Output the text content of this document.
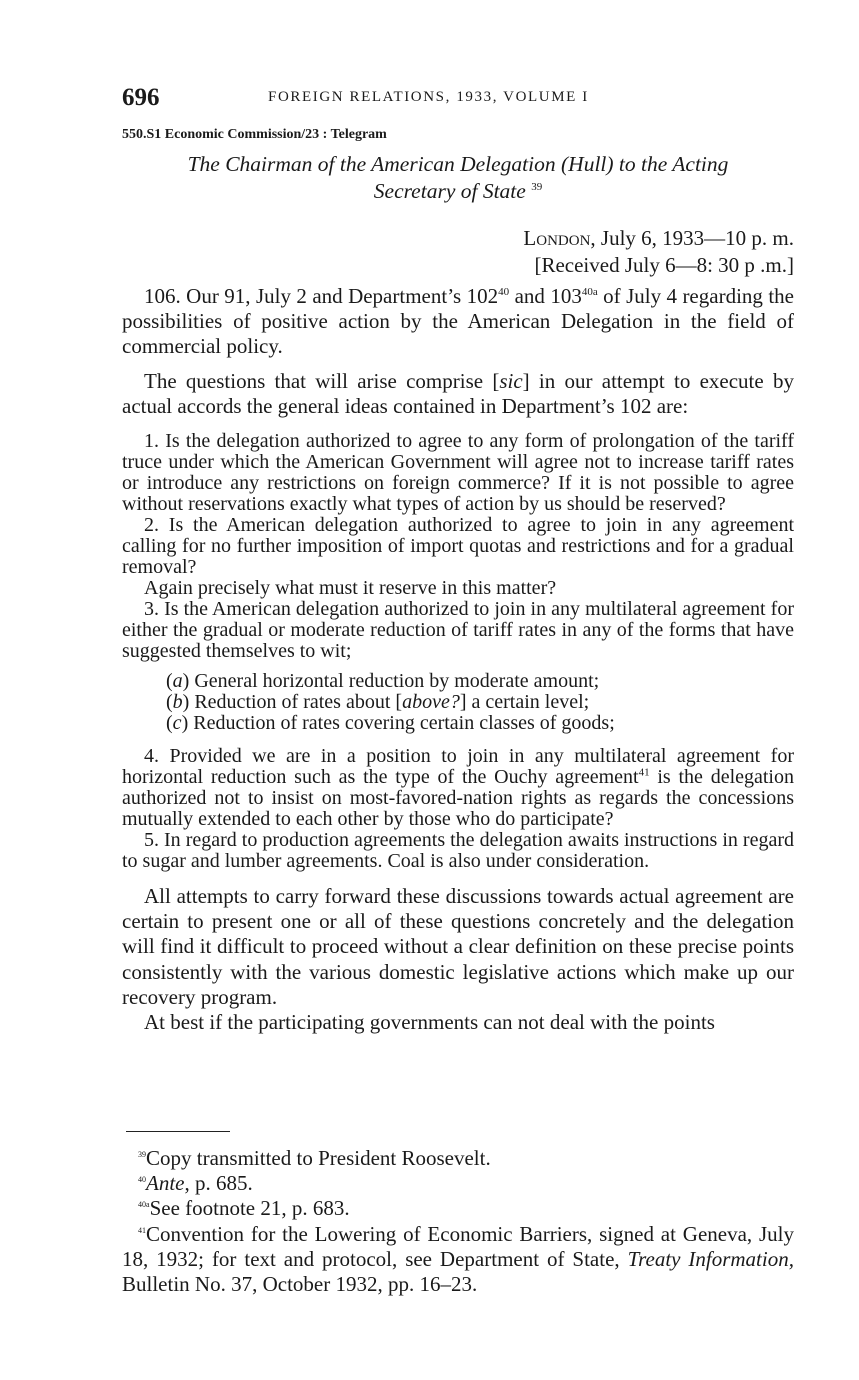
696	FOREIGN RELATIONS, 1933, VOLUME I
550.S1 Economic Commission/23 : Telegram
The Chairman of the American Delegation (Hull) to the Acting
Secretary of State $^{39}$
London, July 6, 1933—10 p. m.
[Received July 6—8: 30 p .m.]

106. Our 91, July 2 and Department’s $102^{40}$ and $103^{40a}$ of July 4 regarding the possibilities of positive action by the American Delegation in the field of commercial policy.

The questions that will arise comprise [sic] in our attempt to execute by actual accords the general ideas contained in Department’s 102 are:

1. Is the delegation authorized to agree to any form of prolongation of the tariff truce under which the American Government will agree not to increase tariff rates or introduce any restrictions on foreign commerce? If it is not possible to agree without reservations exactly what types of action by us should be reserved?

2. Is the American delegation authorized to agree to join in any agreement calling for no further imposition of import quotas and restrictions and for a gradual removal?

Again precisely what must it reserve in this matter?

3. Is the American delegation authorized to join in any multilateral agreement for either the gradual or moderate reduction of tariff rates in any of the forms that have suggested themselves to wit;

(a) General horizontal reduction by moderate amount;

(b) Reduction of rates about [above?] a certain level;

(c) Reduction of rates covering certain classes of goods;

4. Provided we are in a position to join in any multilateral agreement for horizontal reduction such as the type of the Ouchy agreement$^{41}$ is the delegation authorized not to insist on most-favored-nation rights as regards the concessions mutually extended to each other by those who do participate?

5. In regard to production agreements the delegation awaits instructions in regard to sugar and lumber agreements. Coal is also under consideration.

All attempts to carry forward these discussions towards actual agreement are certain to present one or all of these questions concretely and the delegation will find it difficult to proceed without a clear definition on these precise points consistently with the various domestic legislative actions which make up our recovery program.

At best if the participating governments can not deal with the points

$^{39}$Copy transmitted to President Roosevelt.

$^{40}$Ante, p. 685.

$^{40a}$See footnote 21, p. 683.

$^{41}$Convention for the Lowering of Economic Barriers, signed at Geneva, July 18, 1932; for text and protocol, see Department of State, Treaty Information, Bulletin No. 37, October 1932, pp. 16–23.
